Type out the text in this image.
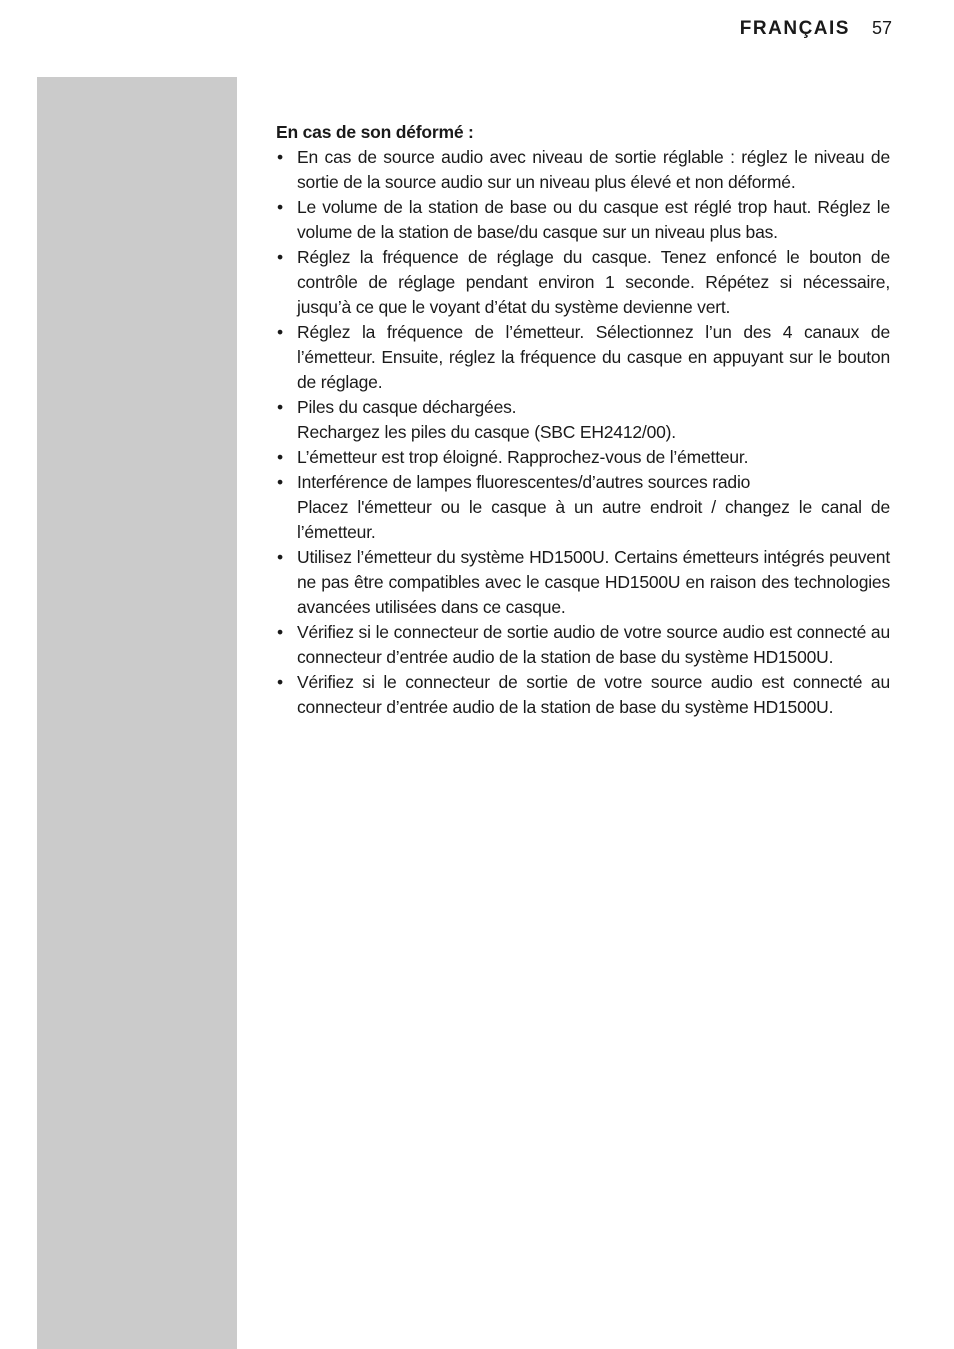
FRANÇAIS 57

En cas de son déformé :

• En cas de source audio avec niveau de sortie réglable : réglez le niveau de sortie de la source audio sur un niveau plus élevé et non déformé.
• Le volume de la station de base ou du casque est réglé trop haut. Réglez le volume de la station de base/du casque sur un niveau plus bas.
• Réglez la fréquence de réglage du casque. Tenez enfoncé le bouton de contrôle de réglage pendant environ 1 seconde. Répétez si nécessaire, jusqu’à ce que le voyant d’état du système devienne vert.
• Réglez la fréquence de l’émetteur. Sélectionnez l’un des 4 canaux de l’émetteur. Ensuite, réglez la fréquence du casque en appuyant sur le bouton de réglage.
• Piles du casque déchargées.
Rechargez les piles du casque (SBC EH2412/00).
• L’émetteur est trop éloigné. Rapprochez-vous de l’émetteur.
• Interférence de lampes fluorescentes/d’autres sources radio
Placez l'émetteur ou le casque à un autre endroit / changez le canal de l’émetteur.
• Utilisez l’émetteur du système HD1500U. Certains émetteurs intégrés peuvent ne pas être compatibles avec le casque HD1500U en raison des technologies avancées utilisées dans ce casque.
• Vérifiez si le connecteur de sortie audio de votre source audio est connecté au connecteur d’entrée audio de la station de base du système HD1500U.
• Vérifiez si le connecteur de sortie de votre source audio est connecté au connecteur d’entrée audio de la station de base du système HD1500U.
